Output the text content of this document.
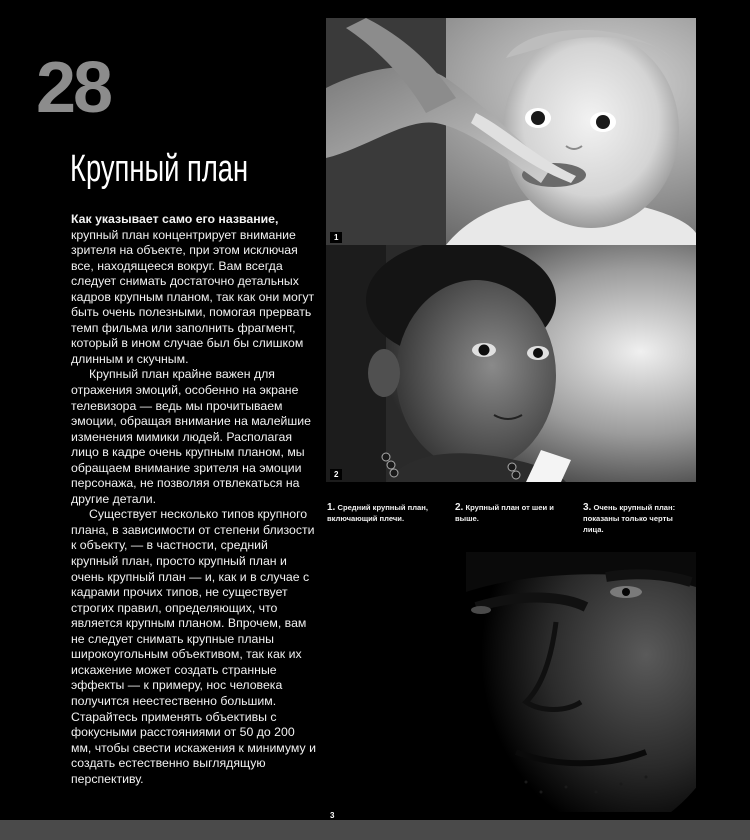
28
Крупный план

Как указывает само его название, крупный план концентрирует внимание зрителя на объекте, при этом исключая все, находящееся вокруг. Вам всегда следует снимать достаточно детальных кадров крупным планом, так как они могут быть очень полезными, помогая прервать темп фильма или заполнить фрагмент, который в ином случае был бы слишком длинным и скучным.

Крупный план крайне важен для отражения эмоций, особенно на экране телевизора — ведь мы прочитываем эмоции, обращая внимание на малейшие изменения мимики людей. Располагая лицо в кадре очень крупным планом, мы обращаем внимание зрителя на эмоции персонажа, не позволяя отвлекаться на другие детали.

Существует несколько типов крупного плана, в зависимости от степени близости к объекту, — в частности, средний крупный план, просто крупный план и очень крупный план — и, как и в случае с кадрами прочих типов, не существует строгих правил, определяющих, что является крупным планом. Впрочем, вам не следует снимать крупные планы широкоугольным объективом, так как их искажение может создать странные эффекты — к примеру, нос человека получится неестественно большим. Старайтесь применять объективы с фокусными расстояниями от 50 до 200 мм, чтобы свести искажения к минимуму и создать естественно выглядящую перспективу.

1
2
1. Средний крупный план, включающий плечи.
2. Крупный план от шеи и выше.
3. Очень крупный план: показаны только черты лица.
3
